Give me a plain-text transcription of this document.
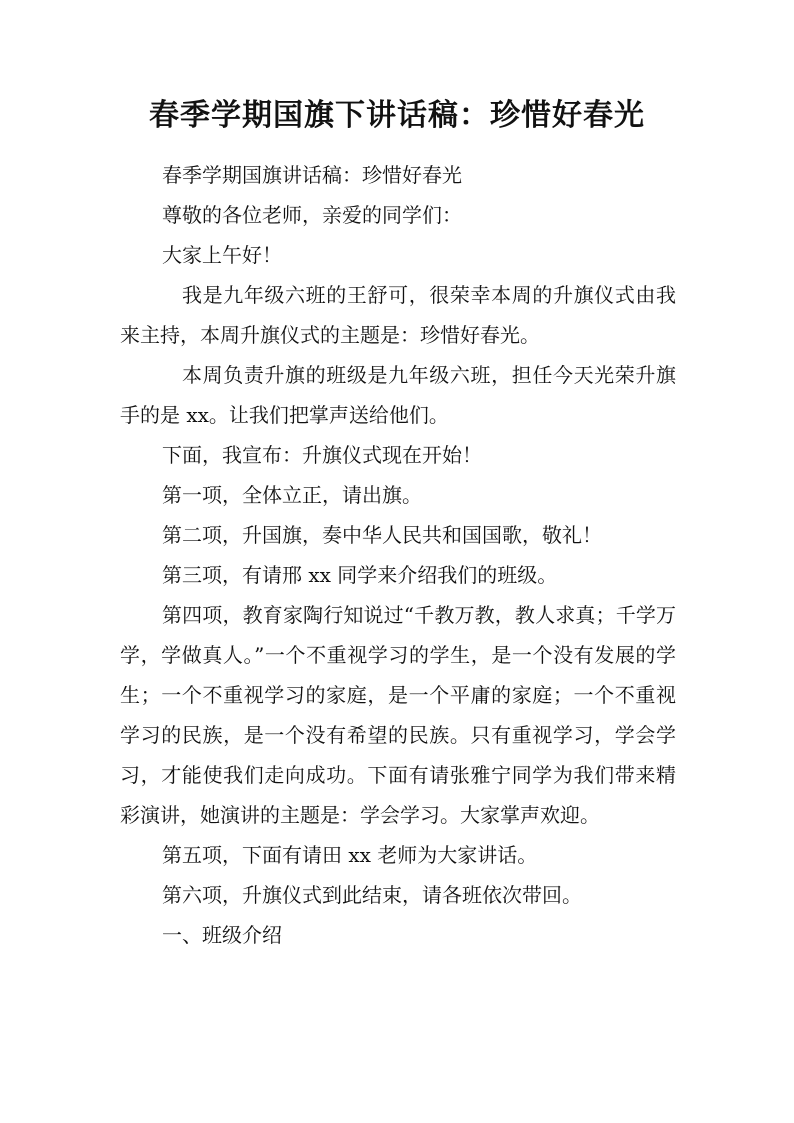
春季学期国旗下讲话稿：珍惜好春光

春季学期国旗讲话稿：珍惜好春光

尊敬的各位老师，亲爱的同学们：

大家上午好！

我是九年级六班的王舒可，很荣幸本周的升旗仪式由我来主持，本周升旗仪式的主题是：珍惜好春光。

本周负责升旗的班级是九年级六班，担任今天光荣升旗手的是 xx。让我们把掌声送给他们。

下面，我宣布：升旗仪式现在开始！

第一项，全体立正，请出旗。

第二项，升国旗，奏中华人民共和国国歌，敬礼！

第三项，有请邢 xx 同学来介绍我们的班级。

第四项，教育家陶行知说过“千教万教，教人求真；千学万学，学做真人。”一个不重视学习的学生，是一个没有发展的学生；一个不重视学习的家庭，是一个平庸的家庭；一个不重视学习的民族，是一个没有希望的民族。只有重视学习，学会学习，才能使我们走向成功。下面有请张雅宁同学为我们带来精彩演讲，她演讲的主题是：学会学习。大家掌声欢迎。

第五项，下面有请田 xx 老师为大家讲话。

第六项，升旗仪式到此结束，请各班依次带回。

一、班级介绍
